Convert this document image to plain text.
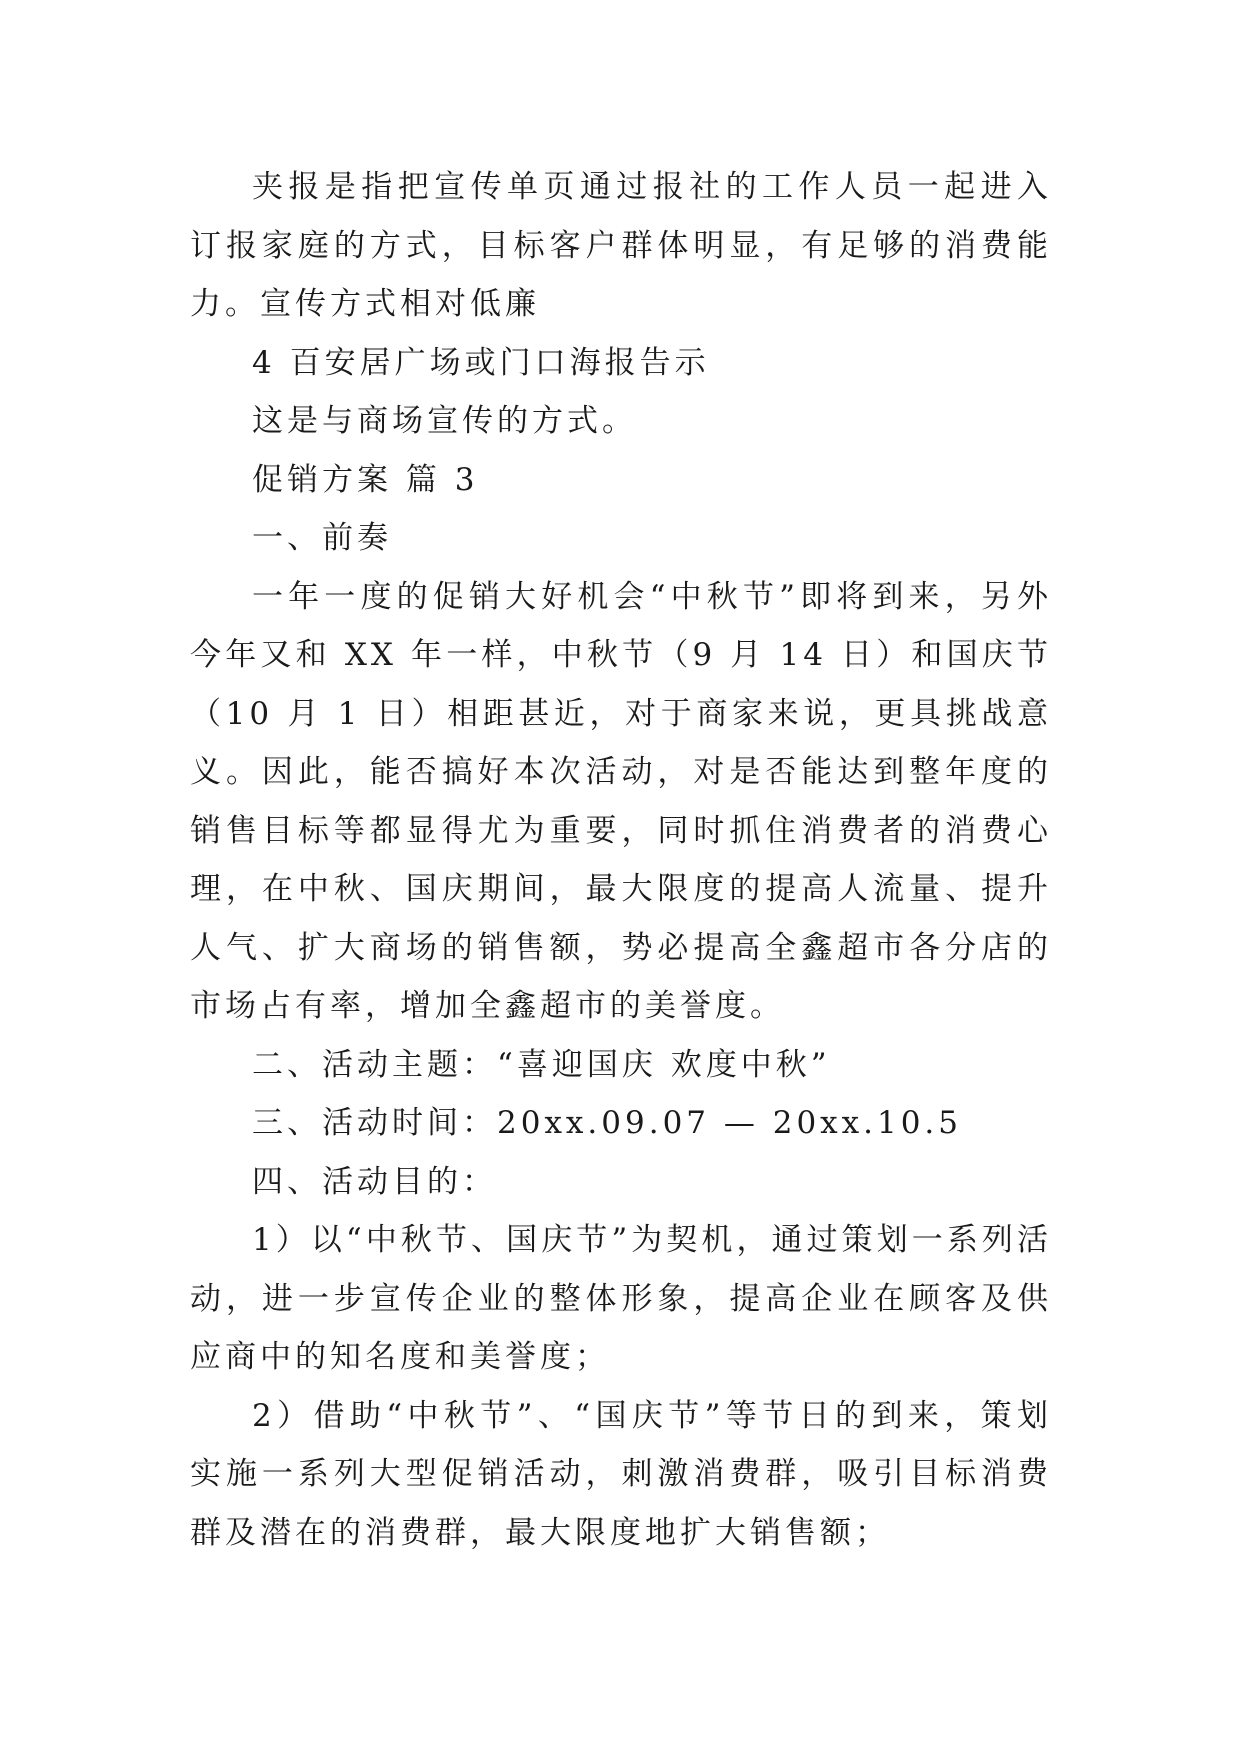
夹报是指把宣传单页通过报社的工作人员一起进入订报家庭的方式，目标客户群体明显，有足够的消费能力。宣传方式相对低廉

4 百安居广场或门口海报告示

这是与商场宣传的方式。

促销方案 篇 3

一、前奏

一年一度的促销大好机会“中秋节”即将到来，另外今年又和 XX 年一样，中秋节（9 月 14 日）和国庆节（10 月 1 日）相距甚近，对于商家来说，更具挑战意义。因此，能否搞好本次活动，对是否能达到整年度的销售目标等都显得尤为重要，同时抓住消费者的消费心理，在中秋、国庆期间，最大限度的提高人流量、提升人气、扩大商场的销售额，势必提高全鑫超市各分店的市场占有率，增加全鑫超市的美誉度。

二、活动主题：“喜迎国庆 欢度中秋”

三、活动时间：20xx.09.07 — 20xx.10.5

四、活动目的：

1）以“中秋节、国庆节”为契机，通过策划一系列活动，进一步宣传企业的整体形象，提高企业在顾客及供应商中的知名度和美誉度；

2）借助“中秋节”、“国庆节”等节日的到来，策划实施一系列大型促销活动，刺激消费群，吸引目标消费群及潜在的消费群，最大限度地扩大销售额；
